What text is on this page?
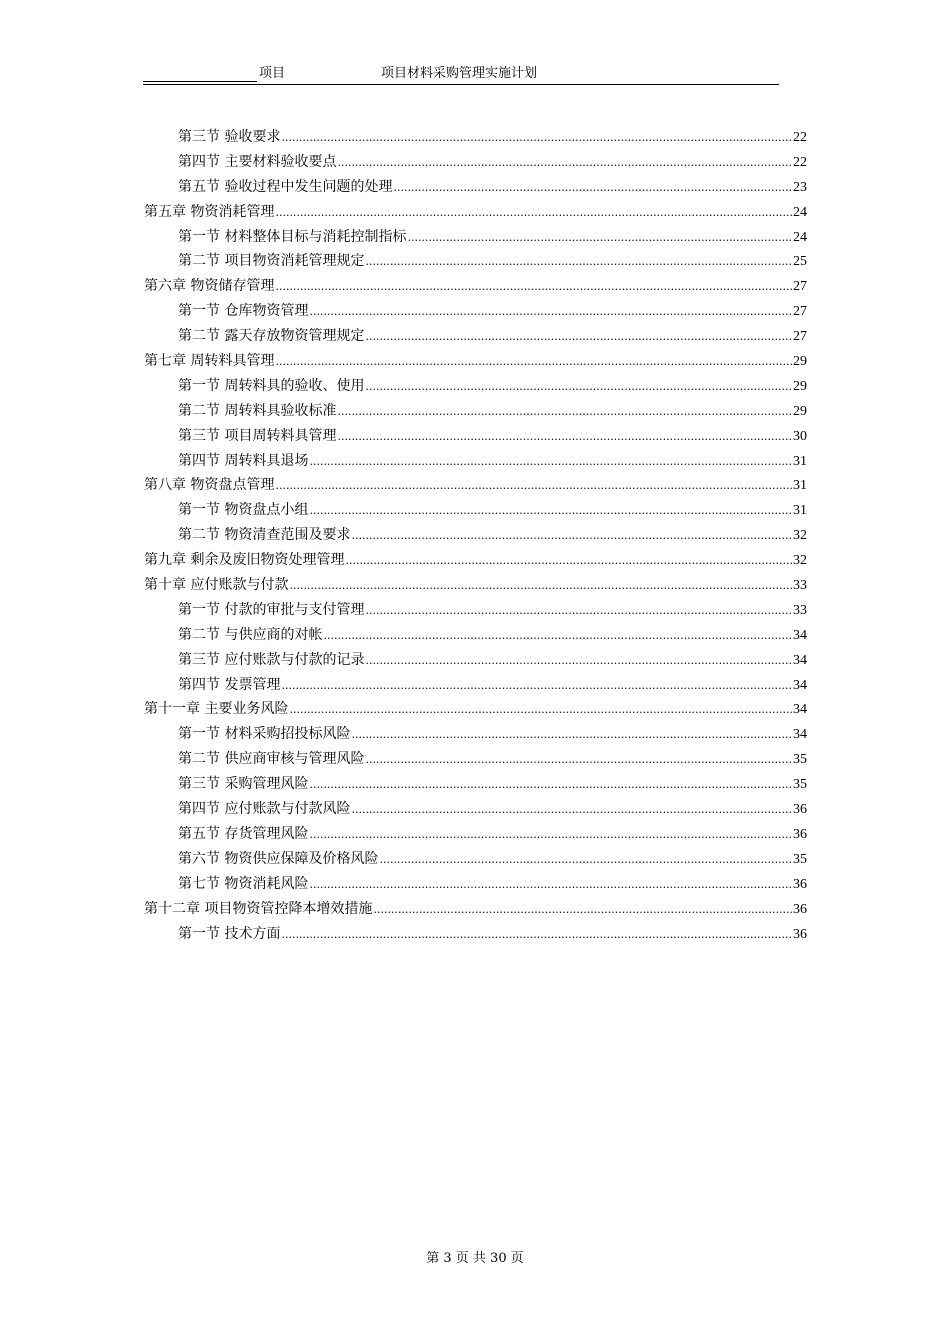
项目	项目材料采购管理实施计划
第三节 验收要求 .....	22
第四节 主要材料验收要点 .....	22
第五节 验收过程中发生问题的处理 .....	23
第五章 物资消耗管理 .....	24
第一节 材料整体目标与消耗控制指标 .....	24
第二节 项目物资消耗管理规定 .....	25
第六章 物资储存管理 .....	27
第一节 仓库物资管理 .....	27
第二节 露天存放物资管理规定 .....	27
第七章 周转料具管理 .....	29
第一节 周转料具的验收、使用 .....	29
第二节 周转料具验收标准 .....	29
第三节 项目周转料具管理 .....	30
第四节 周转料具退场 .....	31
第八章 物资盘点管理 .....	31
第一节 物资盘点小组 .....	31
第二节 物资清查范围及要求 .....	32
第九章 剩余及废旧物资处理管理 .....	32
第十章 应付账款与付款 .....	33
第一节 付款的审批与支付管理 .....	33
第二节 与供应商的对帐 .....	34
第三节 应付账款与付款的记录 .....	34
第四节 发票管理 .....	34
第十一章 主要业务风险 .....	34
第一节 材料采购招投标风险 .....	34
第二节 供应商审核与管理风险 .....	35
第三节 采购管理风险 .....	35
第四节 应付账款与付款风险 .....	36
第五节 存货管理风险 .....	36
第六节 物资供应保障及价格风险 .....	35
第七节 物资消耗风险 .....	36
第十二章 项目物资管控降本增效措施 .....	36
第一节 技术方面 .....	36
第 3 页 共 30 页
